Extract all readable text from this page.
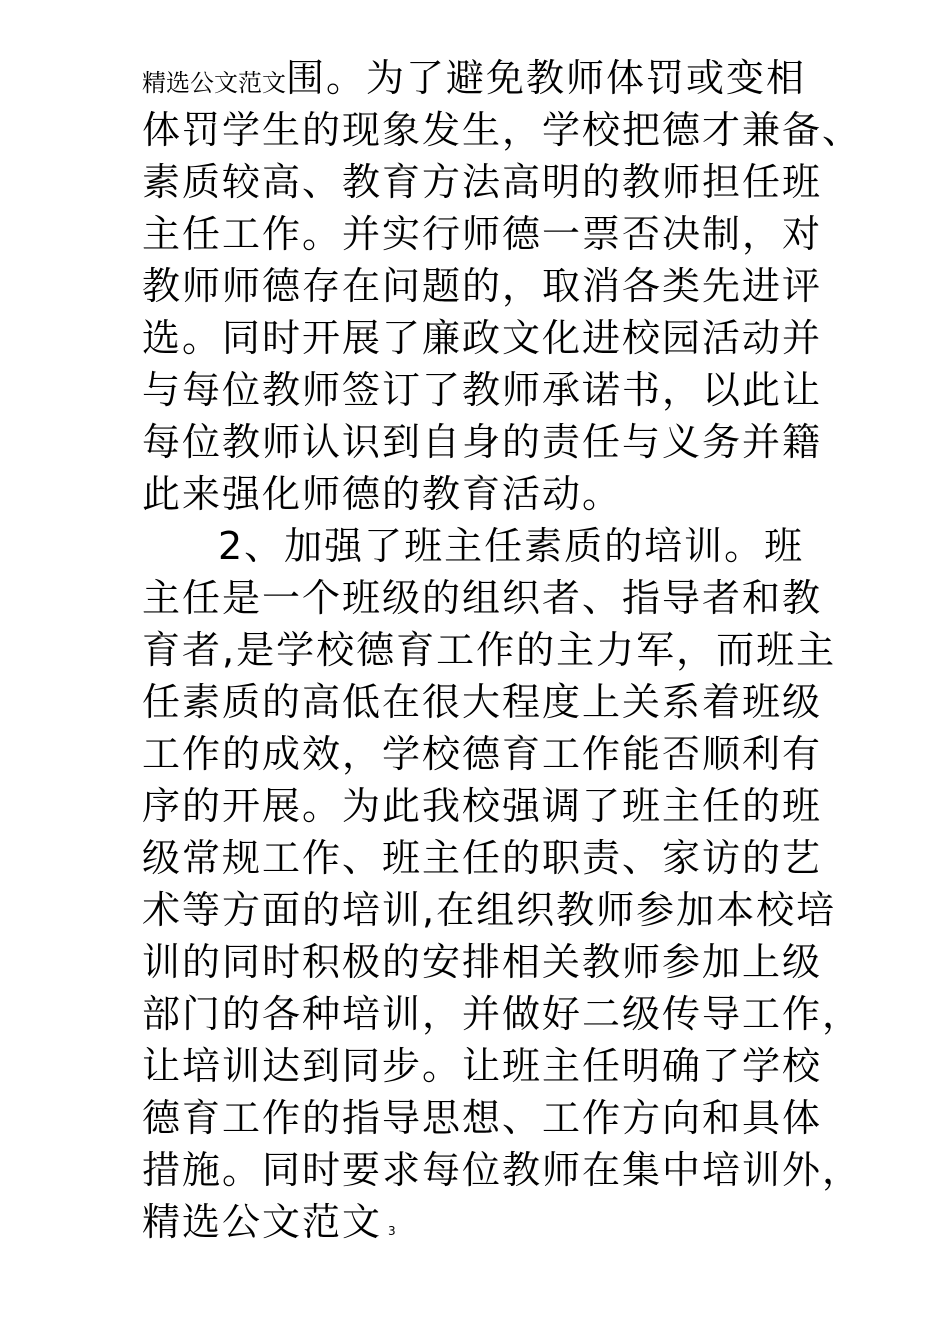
精选公文范文围。为了避免教师体罚或变相
体罚学生的现象发生，学校把德才兼备、
素质较高、教育方法高明的教师担任班
主任工作。并实行师德一票否决制，对
教师师德存在问题的，取消各类先进评
选。同时开展了廉政文化进校园活动并
与每位教师签订了教师承诺书，以此让
每位教师认识到自身的责任与义务并籍
此来强化师德的教育活动。
2、加强了班主任素质的培训。班
主任是一个班级的组织者、指导者和教
育者,是学校德育工作的主力军，而班主
任素质的高低在很大程度上关系着班级
工作的成效，学校德育工作能否顺利有
序的开展。为此我校强调了班主任的班
级常规工作、班主任的职责、家访的艺
术等方面的培训,在组织教师参加本校培
训的同时积极的安排相关教师参加上级
部门的各种培训，并做好二级传导工作，
让培训达到同步。让班主任明确了学校
德育工作的指导思想、工作方向和具体
措施。同时要求每位教师在集中培训外，
精选公文范文 3
